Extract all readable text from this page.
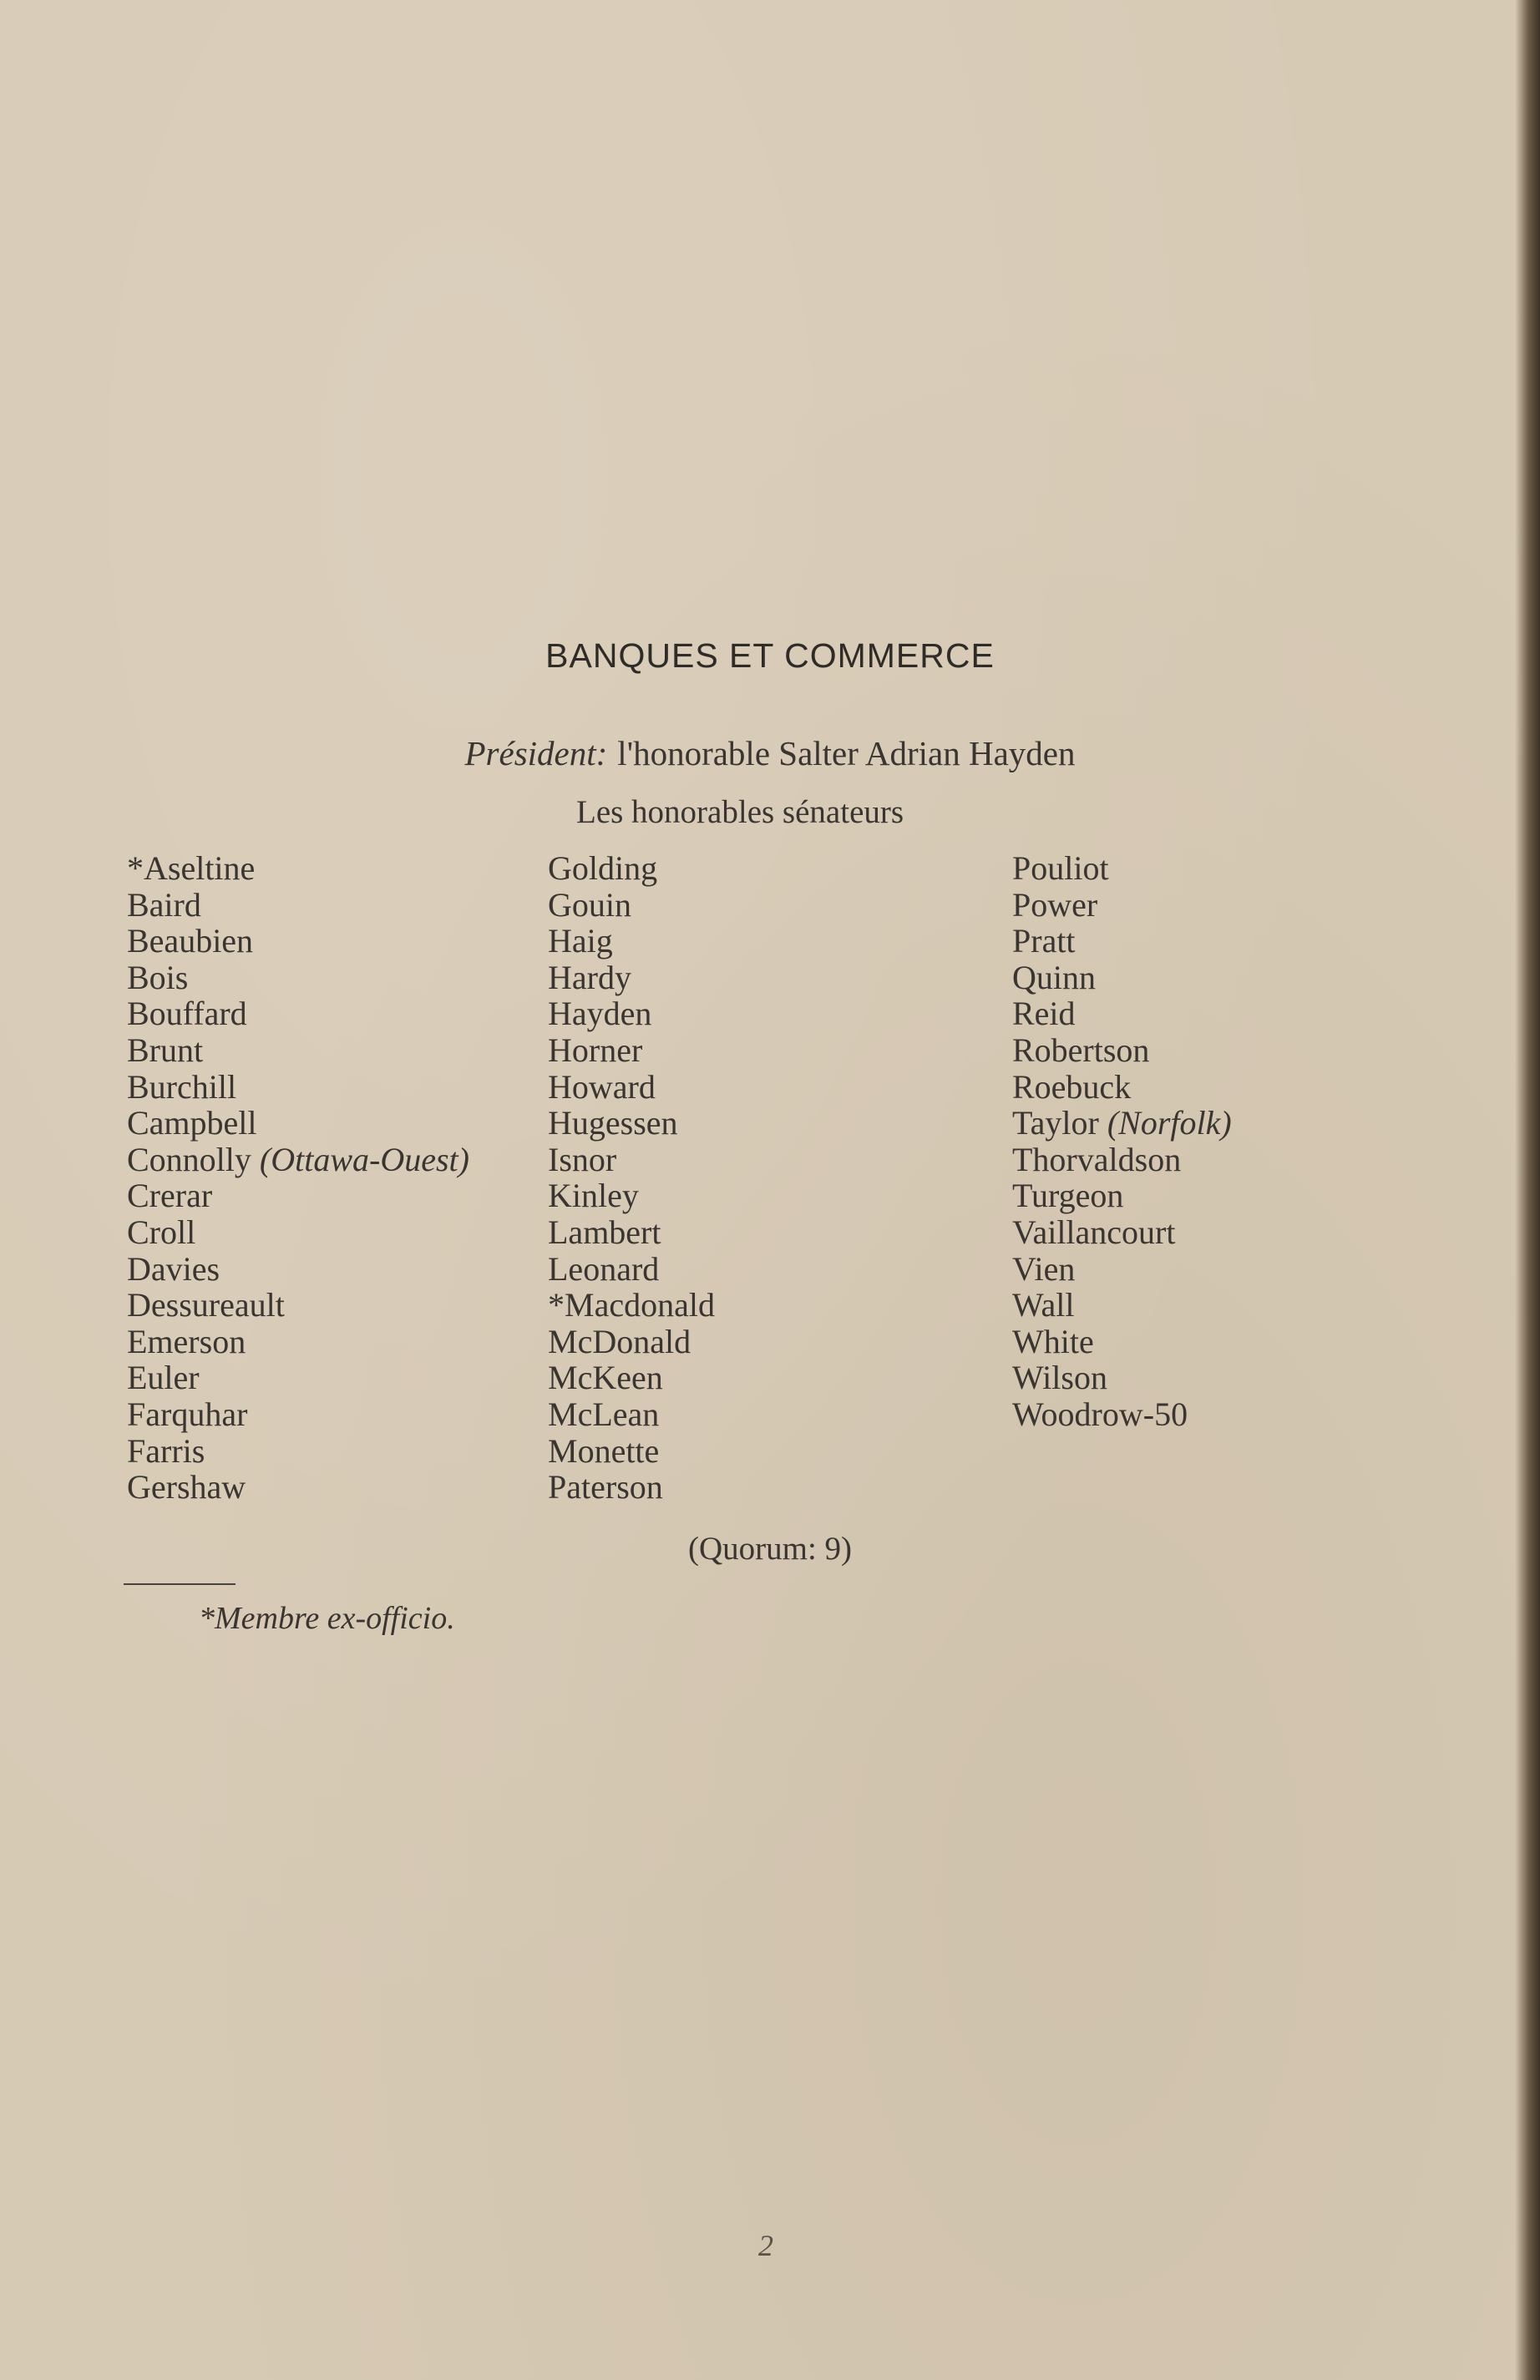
BANQUES ET COMMERCE
Président: l'honorable Salter Adrian Hayden
Les honorables sénateurs
*Aseltine
Baird
Beaubien
Bois
Bouffard
Brunt
Burchill
Campbell
Connolly (Ottawa-Ouest)
Crerar
Croll
Davies
Dessureault
Emerson
Euler
Farquhar
Farris
Gershaw
Golding
Gouin
Haig
Hardy
Hayden
Horner
Howard
Hugessen
Isnor
Kinley
Lambert
Leonard
*Macdonald
McDonald
McKeen
McLean
Monette
Paterson
Pouliot
Power
Pratt
Quinn
Reid
Robertson
Roebuck
Taylor (Norfolk)
Thorvaldson
Turgeon
Vaillancourt
Vien
Wall
White
Wilson
Woodrow-50
(Quorum: 9)
*Membre ex-officio.
2
